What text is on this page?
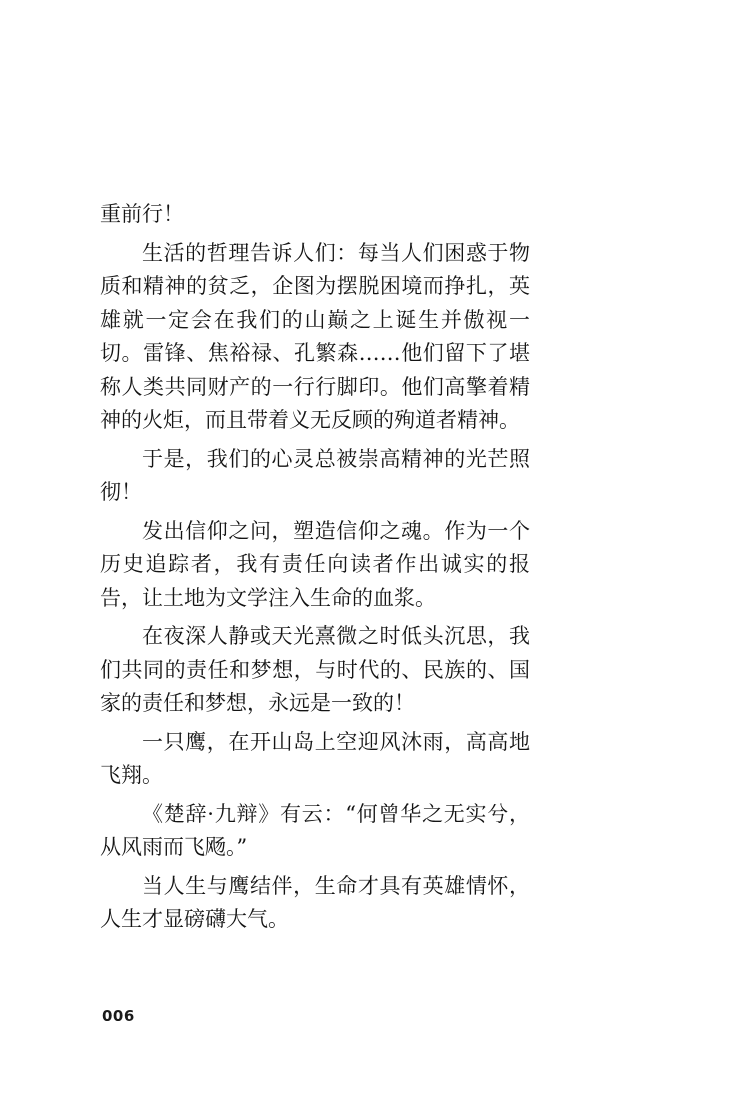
重前行！

生活的哲理告诉人们：每当人们困惑于物质和精神的贫乏，企图为摆脱困境而挣扎，英雄就一定会在我们的山巅之上诞生并傲视一切。雷锋、焦裕禄、孔繁森……他们留下了堪称人类共同财产的一行行脚印。他们高擎着精神的火炬，而且带着义无反顾的殉道者精神。

于是，我们的心灵总被崇高精神的光芒照彻！

发出信仰之问，塑造信仰之魂。作为一个历史追踪者，我有责任向读者作出诚实的报告，让土地为文学注入生命的血浆。

在夜深人静或天光熹微之时低头沉思，我们共同的责任和梦想，与时代的、民族的、国家的责任和梦想，永远是一致的！

一只鹰，在开山岛上空迎风沐雨，高高地飞翔。

《楚辞·九辩》有云：“何曾华之无实兮，从风雨而飞飏。”

当人生与鹰结伴，生命才具有英雄情怀，人生才显磅礴大气。

006
